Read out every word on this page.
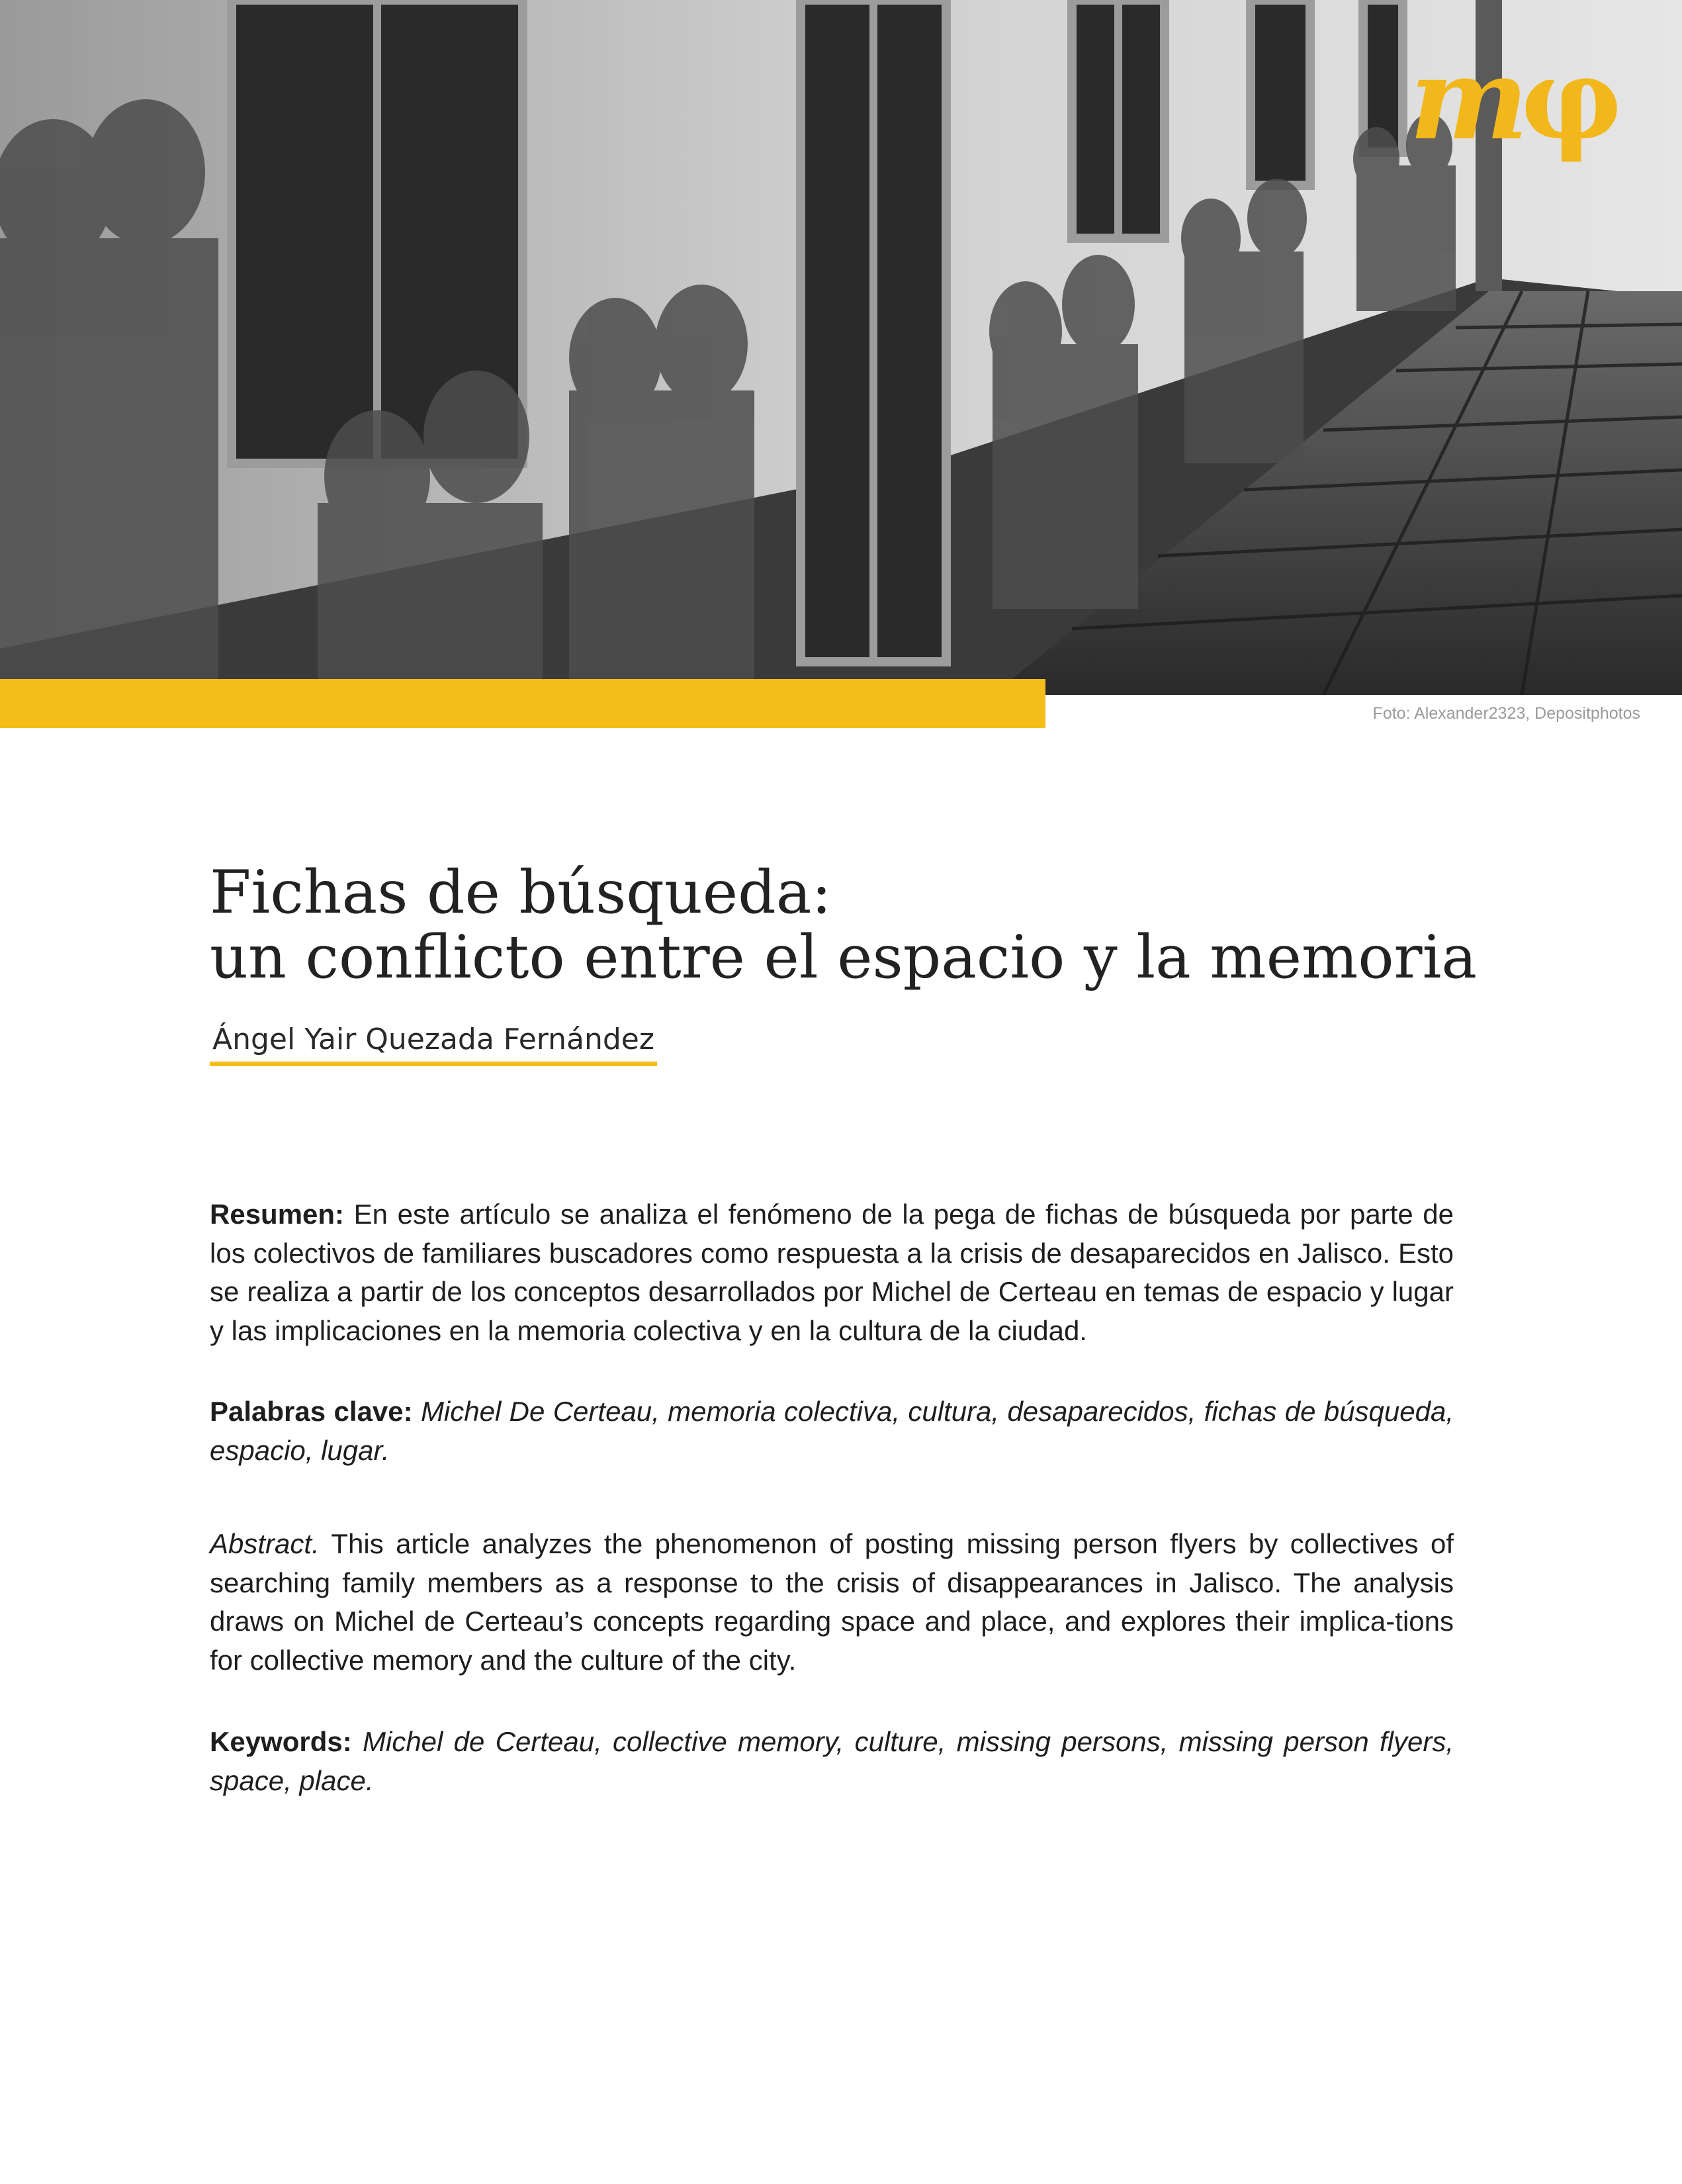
m
φ
Foto: Alexander2323, Depositphotos
Fichas de búsqueda:
un conflicto entre el espacio y la memoria
Ángel Yair Quezada Fernández

Resumen: En este artículo se analiza el fenómeno de la pega de fichas de búsqueda por parte de los colectivos de familiares buscadores como respuesta a la crisis de desaparecidos en Jalisco. Esto se realiza a partir de los conceptos desarrollados por Michel de Certeau en temas de espacio y lugar y las implicaciones en la memoria colectiva y en la cultura de la ciudad.

Palabras clave: Michel De Certeau, memoria colectiva, cultura, desaparecidos, fichas de búsqueda, espacio, lugar.

Abstract. This article analyzes the phenomenon of posting missing person flyers by collectives of searching family members as a response to the crisis of disappearances in Jalisco. The analysis draws on Michel de Certeau’s concepts regarding space and place, and explores their implica-tions for collective memory and the culture of the city.

Keywords: Michel de Certeau, collective memory, culture, missing persons, missing person flyers, space, place.
